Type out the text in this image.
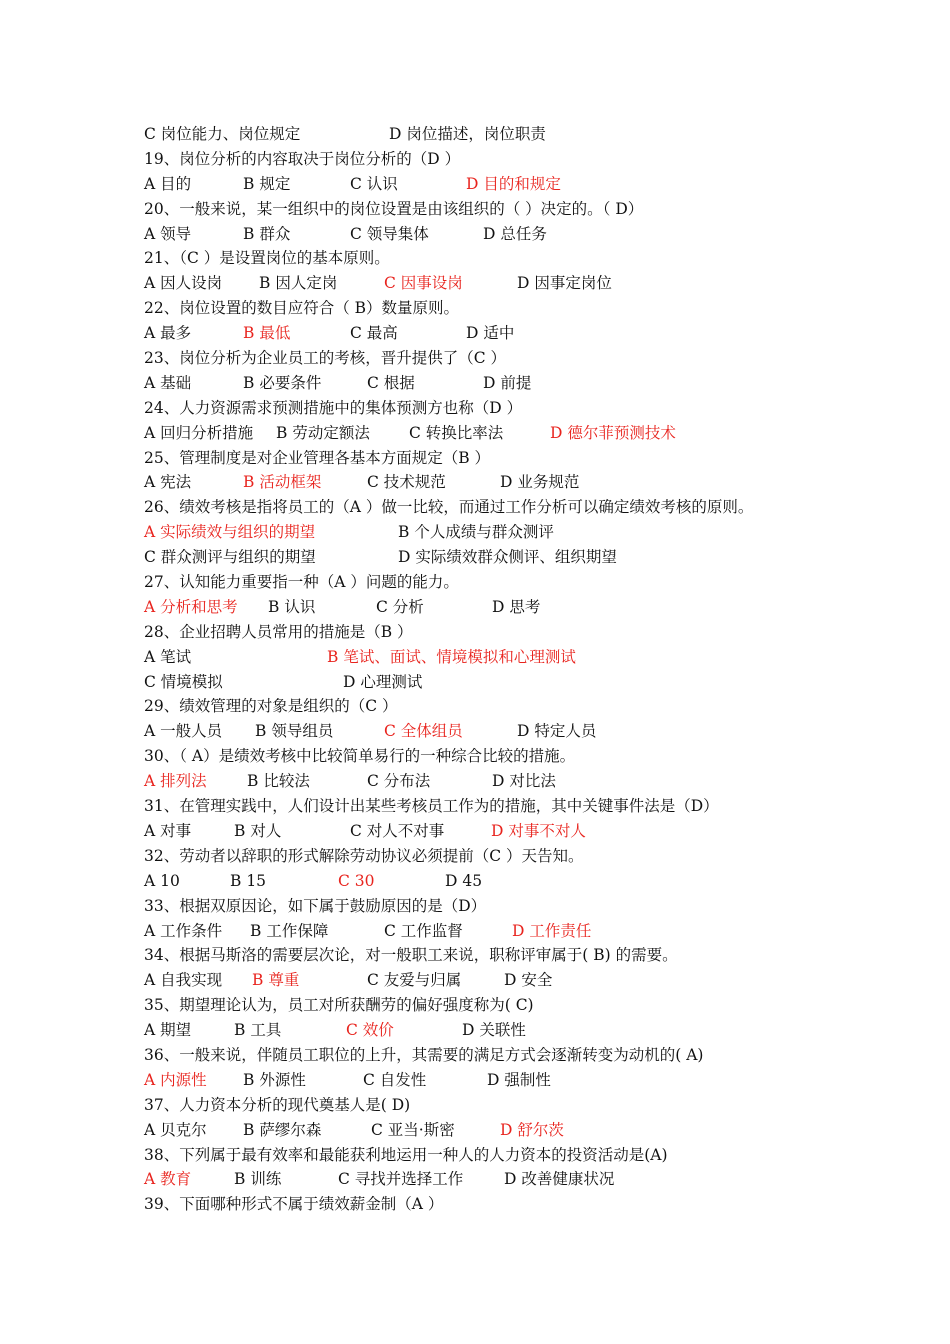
C 岗位能力、岗位规定	D 岗位描述，岗位职责
19、岗位分析的内容取决于岗位分析的（D ）
A 目的	B 规定	C 认识	D 目的和规定
20、一般来说，某一组织中的岗位设置是由该组织的（ ）决定的。（ D）
A 领导	B 群众	C 领导集体	D 总任务
21、（C ）是设置岗位的基本原则。
A 因人设岗 B 因人定岗	C 因事设岗	D 因事定岗位
22、岗位设置的数目应符合（ B）数量原则。
A 最多	B 最低	C 最高	D 适中
23、岗位分析为企业员工的考核，晋升提供了（C ）
A 基础	B 必要条件	C 根据	D 前提
24、人力资源需求预测措施中的集体预测方也称（D ）
A 回归分析措施 B 劳动定额法	C 转换比率法	D 德尔菲预测技术
25、管理制度是对企业管理各基本方面规定（B ）
A 宪法	B 活动框架	C 技术规范	D 业务规范
26、绩效考核是指将员工的（A ）做一比较，而通过工作分析可以确定绩效考核的原则。
A 实际绩效与组织的期望	B 个人成绩与群众测评
C 群众测评与组织的期望	D 实际绩效群众侧评、组织期望
27、认知能力重要指一种（A ）问题的能力。
A 分析和思考 B 认识	C 分析	D 思考
28、企业招聘人员常用的措施是（B ）
A 笔试	B 笔试、面试、情境模拟和心理测试
C 情境模拟	D 心理测试
29、绩效管理的对象是组织的（C ）
A 一般人员 B 领导组员	C 全体组员	D 特定人员
30、（ A）是绩效考核中比较简单易行的一种综合比较的措施。
A 排列法	B 比较法	C 分布法	D 对比法
31、在管理实践中，人们设计出某些考核员工作为的措施，其中关键事件法是（D）
A 对事	B 对人	C 对人不对事	D 对事不对人
32、劳动者以辞职的形式解除劳动协议必须提前（C ）天告知。
A 10	B 15	C 30	D 45
33、根据双原因论，如下属于鼓励原因的是（D）
A 工作条件 B 工作保障	C 工作监督	D 工作责任
34、根据马斯洛的需要层次论，对一般职工来说，职称评审属于( B) 的需要。
A 自我实现 B 尊重	C 友爱与归属	D 安全
35、期望理论认为，员工对所获酬劳的偏好强度称为( C)
A 期望	B 工具	C 效价	D 关联性
36、一般来说，伴随员工职位的上升，其需要的满足方式会逐渐转变为动机的( A)
A 内源性 B 外源性	C 自发性	D 强制性
37、人力资本分析的现代奠基人是( D)
A 贝克尔 B 萨缪尔森	C 亚当·斯密	D 舒尔茨
38、下列属于最有效率和最能获利地运用一种人的人力资本的投资活动是(A)
A 教育	B 训练	C 寻找并选择工作	D 改善健康状况
39、下面哪种形式不属于绩效薪金制（A ）
